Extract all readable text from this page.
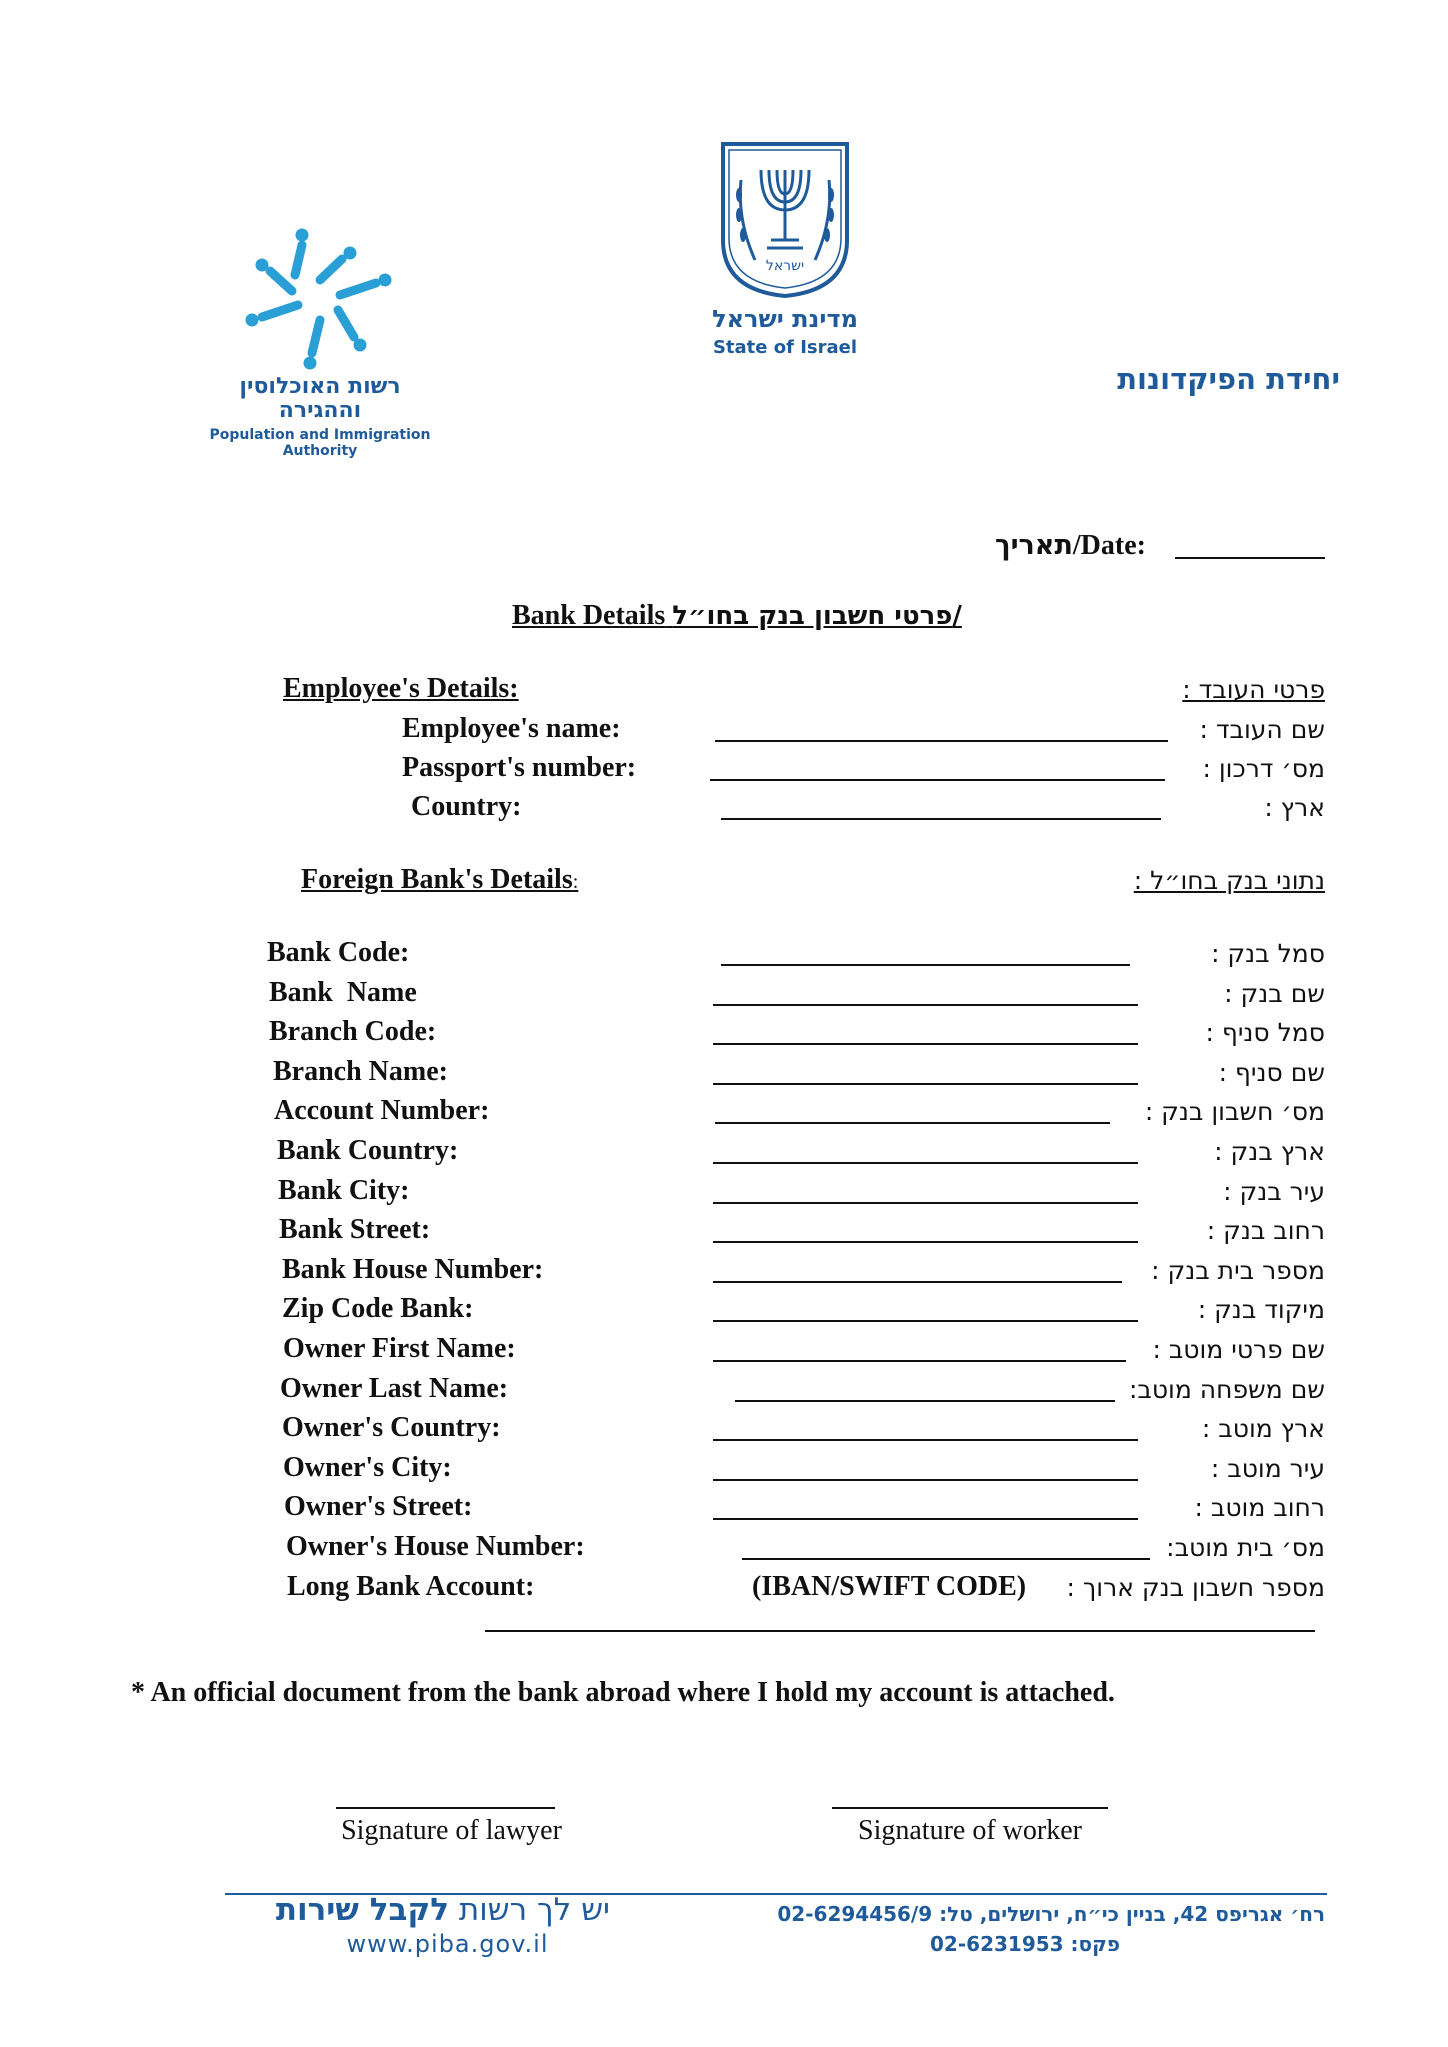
רשות האוכלוסין
וההגירה
Population and Immigration
Authority
ישראל
מדינת ישראל
State of Israel
יחידת הפיקדונות
תאריך/Date:
Bank Details פרטי חשבון בנק בחו״ל/
Employee's Details:	פרטי העובד :
Employee's name:	שם העובד :
Passport's number:	מס׳ דרכון :
Country:	ארץ :
Foreign Bank's Details:	נתוני בנק בחו״ל :
Bank Code:	סמל בנק :
Bank  Name	שם בנק :
Branch Code:	סמל סניף :
Branch Name:	שם סניף :
Account Number:	מס׳ חשבון בנק :
Bank Country:	ארץ בנק :
Bank City:	עיר בנק :
Bank Street:	רחוב בנק :
Bank House Number:	מספר בית בנק :
Zip Code Bank:	מיקוד בנק :
Owner First Name:	שם פרטי מוטב :
Owner Last Name:	שם משפחה מוטב:
Owner's Country:	ארץ מוטב :
Owner's City:	עיר מוטב :
Owner's Street:	רחוב מוטב :
Owner's House Number:	מס׳ בית מוטב:
Long Bank Account:	מספר חשבון בנק ארוך :
(IBAN/SWIFT CODE)
* An official document from the bank abroad where I hold my account is attached.
Signature of lawyer	Signature of worker
יש לך רשות לקבל שירות
www.piba.gov.il
רח׳ אגריפס 42, בניין כי״ח, ירושלים, טל: 02-6294456/9
פקס: 02-6231953
